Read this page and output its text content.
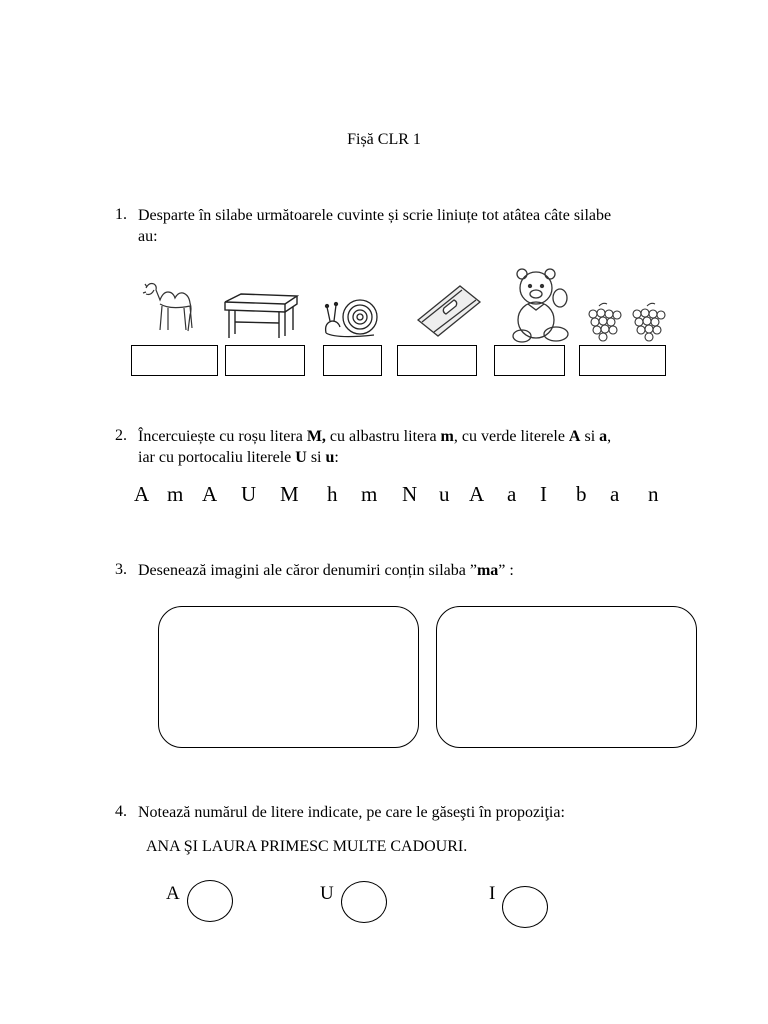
Fișă CLR 1
1. Desparte în silabe următoarele cuvinte și scrie liniuțe tot atâtea câte silabe
au:
2. Încercuiește cu roșu litera M, cu albastru litera m, cu verde literele A si a,
iar cu portocaliu literele U si u:
A m A U M h m N u A a I b a n
3. Desenează imagini ale căror denumiri conțin silaba ”ma” :
4. Notează numărul de litere indicate, pe care le găseşti în propoziţia:
ANA ŞI LAURA PRIMESC MULTE CADOURI.
A	U	I
